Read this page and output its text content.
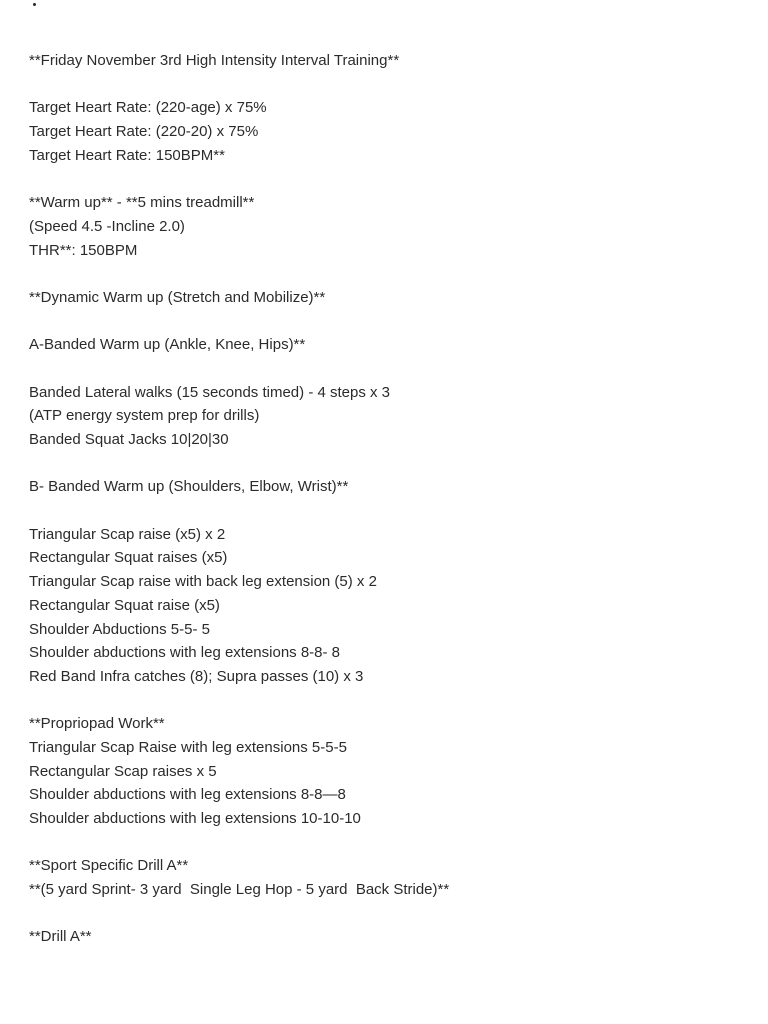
**Friday November 3rd High Intensity Interval Training**

Target Heart Rate: (220-age) x 75%

Target Heart Rate: (220-20) x 75%

Target Heart Rate: 150BPM**

**Warm up** - **5 mins treadmill**

(Speed 4.5 -Incline 2.0)

THR**: 150BPM

**Dynamic Warm up (Stretch and Mobilize)**

A-Banded Warm up (Ankle, Knee, Hips)**

Banded Lateral walks (15 seconds timed) - 4 steps x 3

(ATP energy system prep for drills)

Banded Squat Jacks 10|20|30

B- Banded Warm up (Shoulders, Elbow, Wrist)**

Triangular Scap raise (x5) x 2

Rectangular Squat raises (x5)

Triangular Scap raise with back leg extension (5) x 2

Rectangular Squat raise (x5)

Shoulder Abductions 5-5- 5

Shoulder abductions with leg extensions 8-8- 8

Red Band Infra catches (8); Supra passes (10) x 3

**Propriopad Work**

Triangular Scap Raise with leg extensions 5-5-5

Rectangular Scap raises x 5

Shoulder abductions with leg extensions 8-8—8

Shoulder abductions with leg extensions 10-10-10

**Sport Specific Drill A**

**(5 yard Sprint- 3 yard  Single Leg Hop - 5 yard  Back Stride)**

**Drill A**
